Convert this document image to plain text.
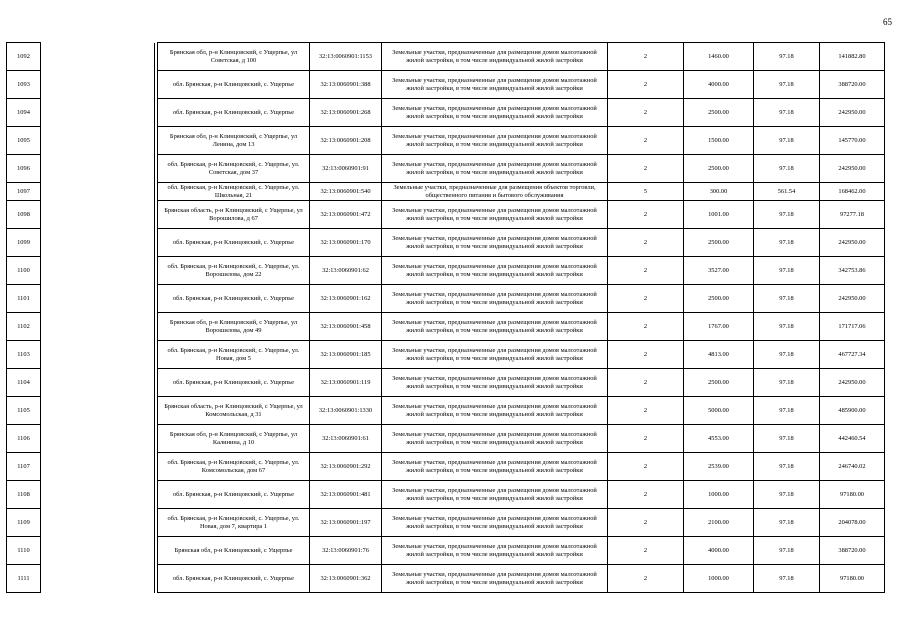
65
1092			Брянская обл, р-н Клинцовский, с Ущерпье, ул Советская, д 100	32:13:0060901:1153	Земельные участки, предназначенные для размещения домов малоэтажной жилой застройки, в том числе индивидуальной жилой застройки	2	1460.00	97.18	141882.80
1093			обл. Брянская, р-н Клинцовский, с. Ущерпье	32:13:0060901:388	Земельные участки, предназначенные для размещения домов малоэтажной жилой застройки, в том числе индивидуальной жилой застройки	2	4000.00	97.18	388720.00
1094			обл. Брянская, р-н Клинцовский, с. Ущерпье	32:13:0060901:268	Земельные участки, предназначенные для размещения домов малоэтажной жилой застройки, в том числе индивидуальной жилой застройки	2	2500.00	97.18	242950.00
1095			Брянская обл, р-н Клинцовский, с Ущерпье, ул Ленина, дом 13	32:13:0060901:208	Земельные участки, предназначенные для размещения домов малоэтажной жилой застройки, в том числе индивидуальной жилой застройки	2	1500.00	97.18	145770.00
1096			обл. Брянская, р-н Клинцовский, с. Ущерпье, ул. Советская, дом 37	32:13:0060901:91	Земельные участки, предназначенные для размещения домов малоэтажной жилой застройки, в том числе индивидуальной жилой застройки	2	2500.00	97.18	242950.00
1097			обл. Брянская, р-н Клинцовский, с. Ущерпье, ул. Школьная, 21	32:13:0060901:540	Земельные участки, предназначенные для размещения объектов торговли, общественного питания и бытового обслуживания	5	300.00	561.54	168462.00
1098			Брянская область, р-н Клинцовский, с Ущерпье, ул Ворошилова, д 67	32:13:0060901:472	Земельные участки, предназначенные для размещения домов малоэтажной жилой застройки, в том числе индивидуальной жилой застройки	2	1001.00	97.18	97277.18
1099			обл. Брянская, р-н Клинцовский, с. Ущерпье	32:13:0060901:170	Земельные участки, предназначенные для размещения домов малоэтажной жилой застройки, в том числе индивидуальной жилой застройки	2	2500.00	97.18	242950.00
1100			обл. Брянская, р-н Клинцовский, с. Ущерпье, ул. Ворошилова, дом 22	32:13:0060901:62	Земельные участки, предназначенные для размещения домов малоэтажной жилой застройки, в том числе индивидуальной жилой застройки	2	3527.00	97.18	342753.86
1101			обл. Брянская, р-н Клинцовский, с. Ущерпье	32:13:0060901:162	Земельные участки, предназначенные для размещения домов малоэтажной жилой застройки, в том числе индивидуальной жилой застройки	2	2500.00	97.18	242950.00
1102			Брянская обл, р-н Клинцовский, с Ущерпье, ул Ворошилова, дом 49	32:13:0060901:458	Земельные участки, предназначенные для размещения домов малоэтажной жилой застройки, в том числе индивидуальной жилой застройки	2	1767.00	97.18	171717.06
1103			обл. Брянская, р-н Клинцовский, с. Ущерпье, ул. Новая, дом 5	32:13:0060901:185	Земельные участки, предназначенные для размещения домов малоэтажной жилой застройки, в том числе индивидуальной жилой застройки	2	4813.00	97.18	467727.34
1104			обл. Брянская, р-н Клинцовский, с. Ущерпье	32:13:0060901:119	Земельные участки, предназначенные для размещения домов малоэтажной жилой застройки, в том числе индивидуальной жилой застройки	2	2500.00	97.18	242950.00
1105			Брянская область, р-н Клинцовский, с Ущерпье, ул Комсомольская, д 31	32:13:0060901:1330	Земельные участки, предназначенные для размещения домов малоэтажной жилой застройки, в том числе индивидуальной жилой застройки	2	5000.00	97.18	485900.00
1106			Брянская обл, р-н Клинцовский, с Ущерпье, ул Калинина, д 10	32:13:0060901:61	Земельные участки, предназначенные для размещения домов малоэтажной жилой застройки, в том числе индивидуальной жилой застройки	2	4553.00	97.18	442460.54
1107			обл. Брянская, р-н Клинцовский, с. Ущерпье, ул. Комсомольская, дом 67	32:13:0060901:292	Земельные участки, предназначенные для размещения домов малоэтажной жилой застройки, в том числе индивидуальной жилой застройки	2	2539.00	97.18	246740.02
1108			обл. Брянская, р-н Клинцовский, с. Ущерпье	32:13:0060901:481	Земельные участки, предназначенные для размещения домов малоэтажной жилой застройки, в том числе индивидуальной жилой застройки	2	1000.00	97.18	97180.00
1109			обл. Брянская, р-н Клинцовский, с. Ущерпье, ул. Новая, дом 7, квартира 1	32:13:0060901:197	Земельные участки, предназначенные для размещения домов малоэтажной жилой застройки, в том числе индивидуальной жилой застройки	2	2100.00	97.18	204078.00
1110			Брянская обл, р-н Клинцовский, с Ущерпье	32:13:0060901:76	Земельные участки, предназначенные для размещения домов малоэтажной жилой застройки, в том числе индивидуальной жилой застройки	2	4000.00	97.18	388720.00
1111			обл. Брянская, р-н Клинцовский, с. Ущерпье	32:13:0060901:362	Земельные участки, предназначенные для размещения домов малоэтажной жилой застройки, в том числе индивидуальной жилой застройки	2	1000.00	97.18	97180.00
